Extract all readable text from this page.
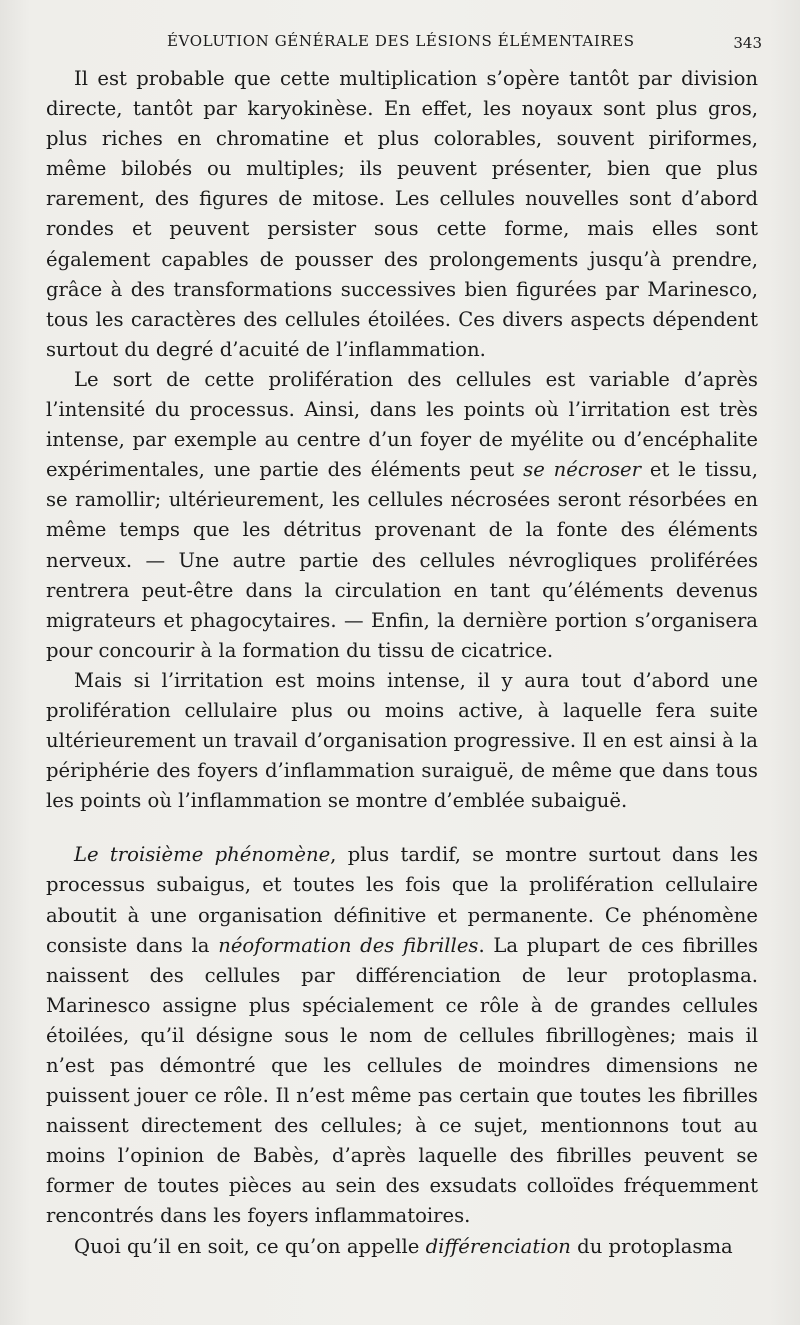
ÉVOLUTION GÉNÉRALE DES LÉSIONS ÉLÉMENTAIRES	343

Il est probable que cette multiplication s’opère tantôt par division directe, tantôt par karyokinèse. En effet, les noyaux sont plus gros, plus riches en chromatine et plus colorables, souvent piriformes, même bilobés ou multiples; ils peuvent présenter, bien que plus rarement, des figures de mitose. Les cellules nouvelles sont d’abord rondes et peuvent persister sous cette forme, mais elles sont également capables de pousser des prolongements jusqu’à prendre, grâce à des transformations successives bien figurées par Marinesco, tous les caractères des cellules étoilées. Ces divers aspects dépendent surtout du degré d’acuité de l’inflammation.

Le sort de cette prolifération des cellules est variable d’après l’intensité du processus. Ainsi, dans les points où l’irritation est très intense, par exemple au centre d’un foyer de myélite ou d’encéphalite expérimentales, une partie des éléments peut se nécroser et le tissu, se ramollir; ultérieurement, les cellules nécrosées seront résorbées en même temps que les détritus provenant de la fonte des éléments nerveux. — Une autre partie des cellules névrogliques proliférées rentrera peut-être dans la circulation en tant qu’éléments devenus migrateurs et phagocytaires. — Enfin, la dernière portion s’organisera pour concourir à la formation du tissu de cicatrice.

Mais si l’irritation est moins intense, il y aura tout d’abord une prolifération cellulaire plus ou moins active, à laquelle fera suite ultérieurement un travail d’organisation progressive. Il en est ainsi à la périphérie des foyers d’inflammation suraiguë, de même que dans tous les points où l’inflammation se montre d’emblée subaiguë.

Le troisième phénomène, plus tardif, se montre surtout dans les processus subaigus, et toutes les fois que la prolifération cellulaire aboutit à une organisation définitive et permanente. Ce phénomène consiste dans la néoformation des fibrilles. La plupart de ces fibrilles naissent des cellules par différenciation de leur protoplasma. Marinesco assigne plus spécialement ce rôle à de grandes cellules étoilées, qu’il désigne sous le nom de cellules fibrillogènes; mais il n’est pas démontré que les cellules de moindres dimensions ne puissent jouer ce rôle. Il n’est même pas certain que toutes les fibrilles naissent directement des cellules; à ce sujet, mentionnons tout au moins l’opinion de Babès, d’après laquelle des fibrilles peuvent se former de toutes pièces au sein des exsudats colloïdes fréquemment rencontrés dans les foyers inflammatoires.

Quoi qu’il en soit, ce qu’on appelle différenciation du protoplasma
